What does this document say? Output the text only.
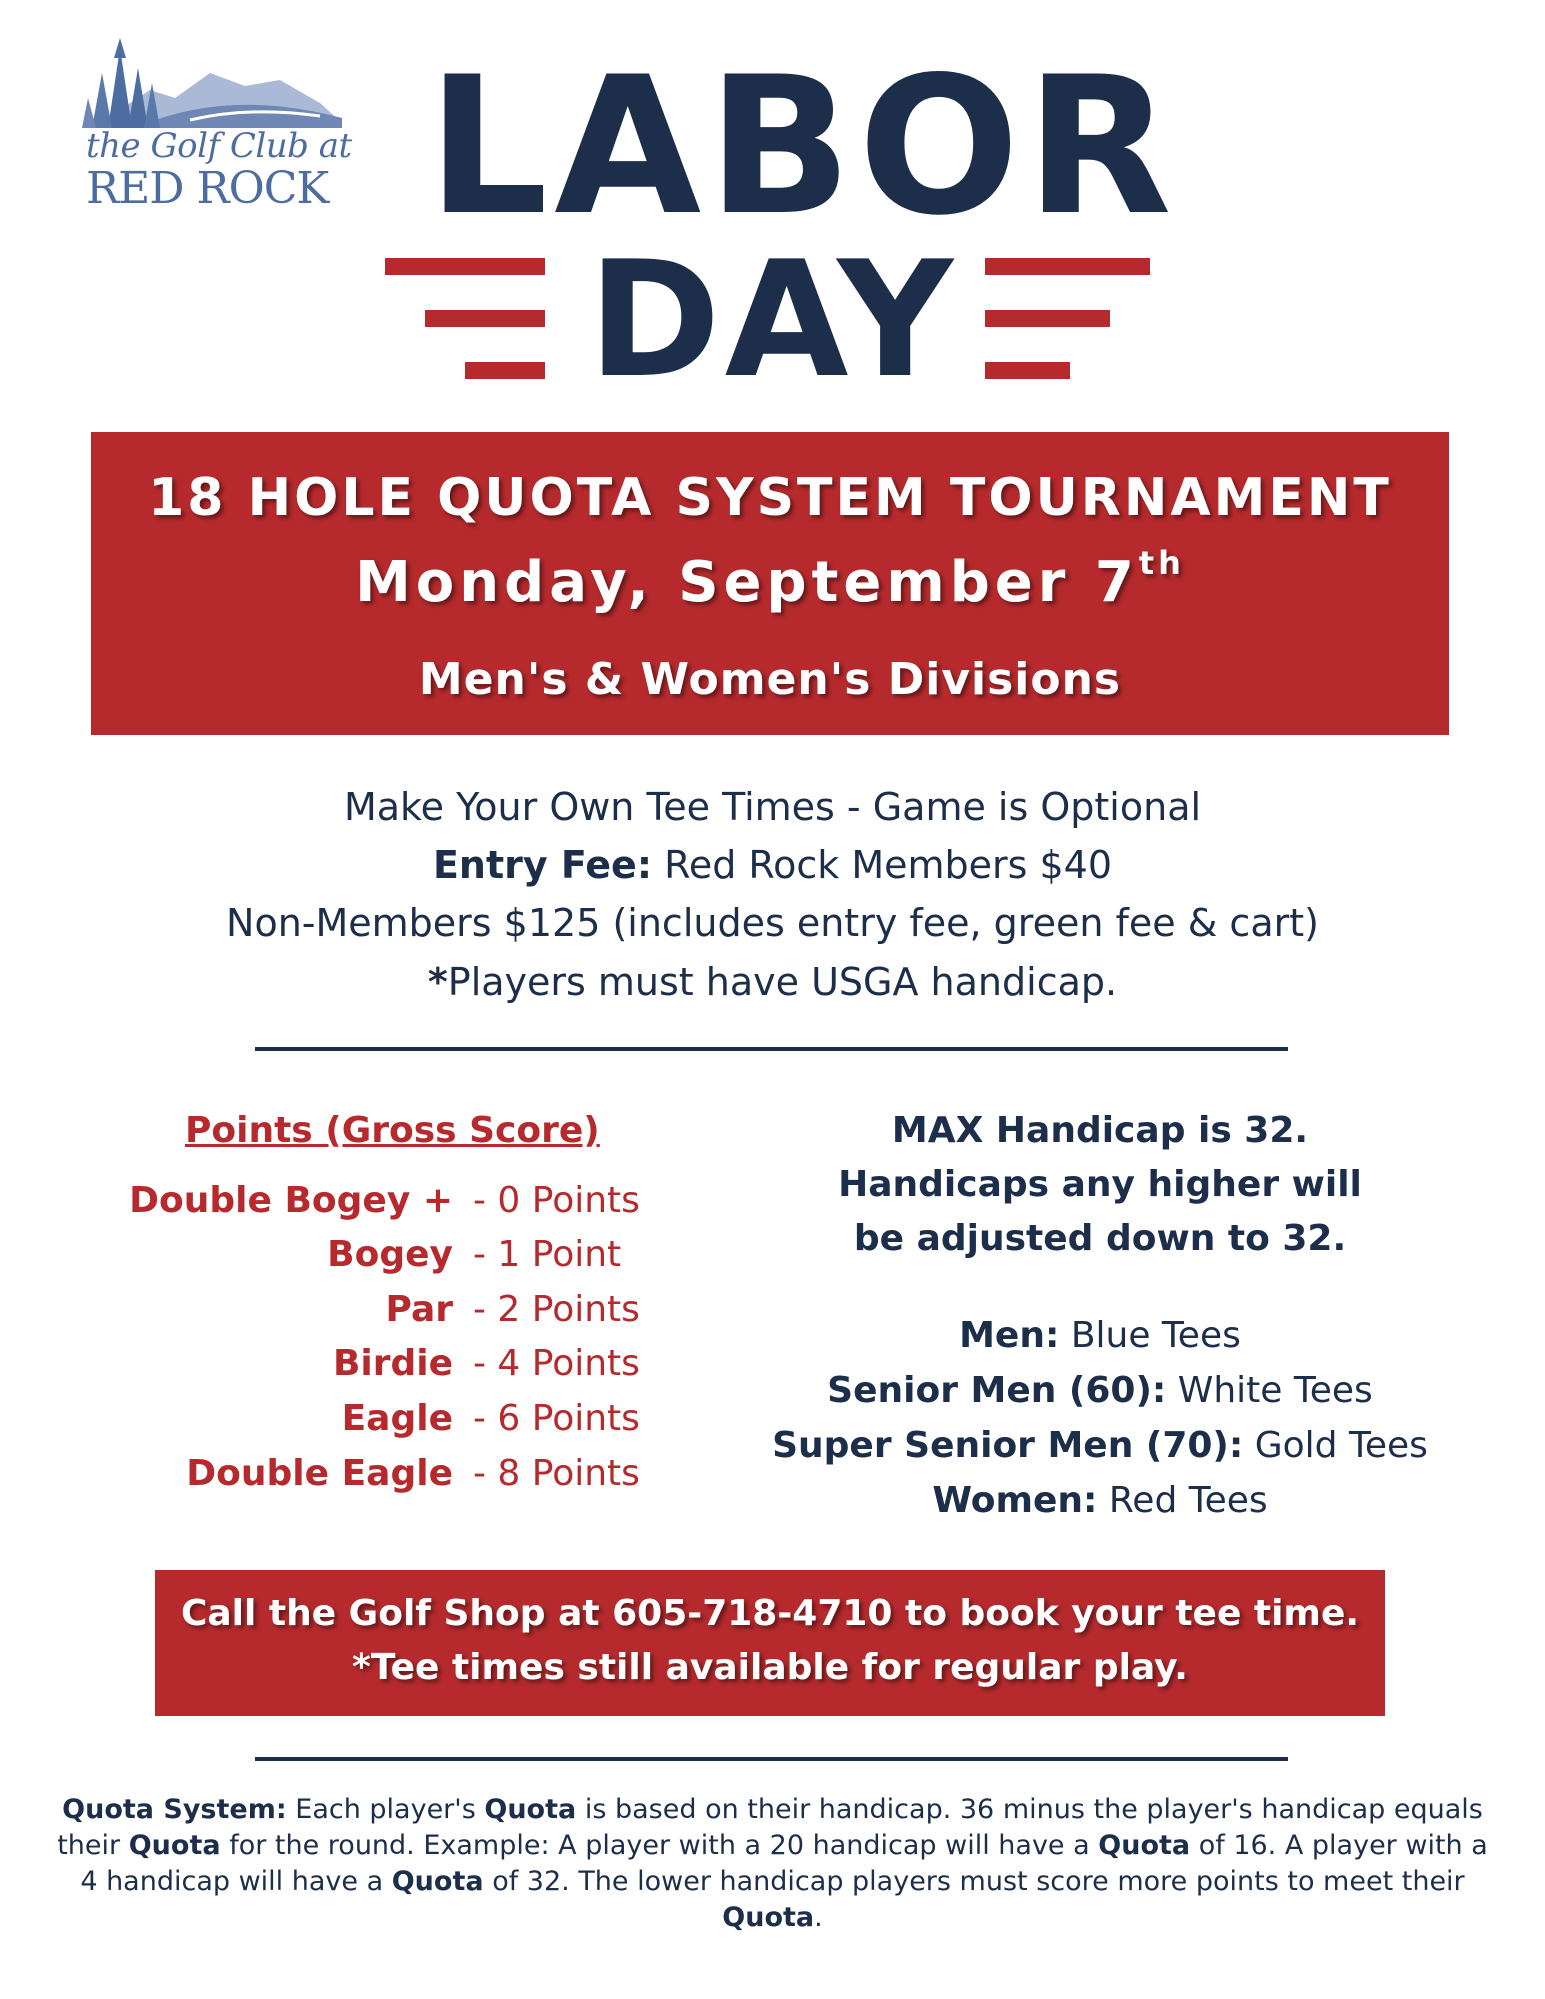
the Golf Club at
RED ROCK LABOR
DAY
18 HOLE QUOTA SYSTEM TOURNAMENT
Monday, September 7th
Men's & Women's Divisions
Make Your Own Tee Times - Game is Optional
Entry Fee: Red Rock Members $40
Non-Members $125 (includes entry fee, green fee & cart)
*Players must have USGA handicap.
Points (Gross Score)
Double Bogey + - 0 Points
Bogey - 1 Point
Par - 2 Points
Birdie - 4 Points
Eagle - 6 Points
Double Eagle - 8 Points
MAX Handicap is 32.
Handicaps any higher will
be adjusted down to 32.
Men: Blue Tees
Senior Men (60): White Tees
Super Senior Men (70): Gold Tees
Women: Red Tees
Call the Golf Shop at 605-718-4710 to book your tee time.
*Tee times still available for regular play.
Quota System: Each player's Quota is based on their handicap. 36 minus the player's handicap equals their Quota for the round. Example: A player with a 20 handicap will have a Quota of 16. A player with a 4 handicap will have a Quota of 32. The lower handicap players must score more points to meet their Quota.
